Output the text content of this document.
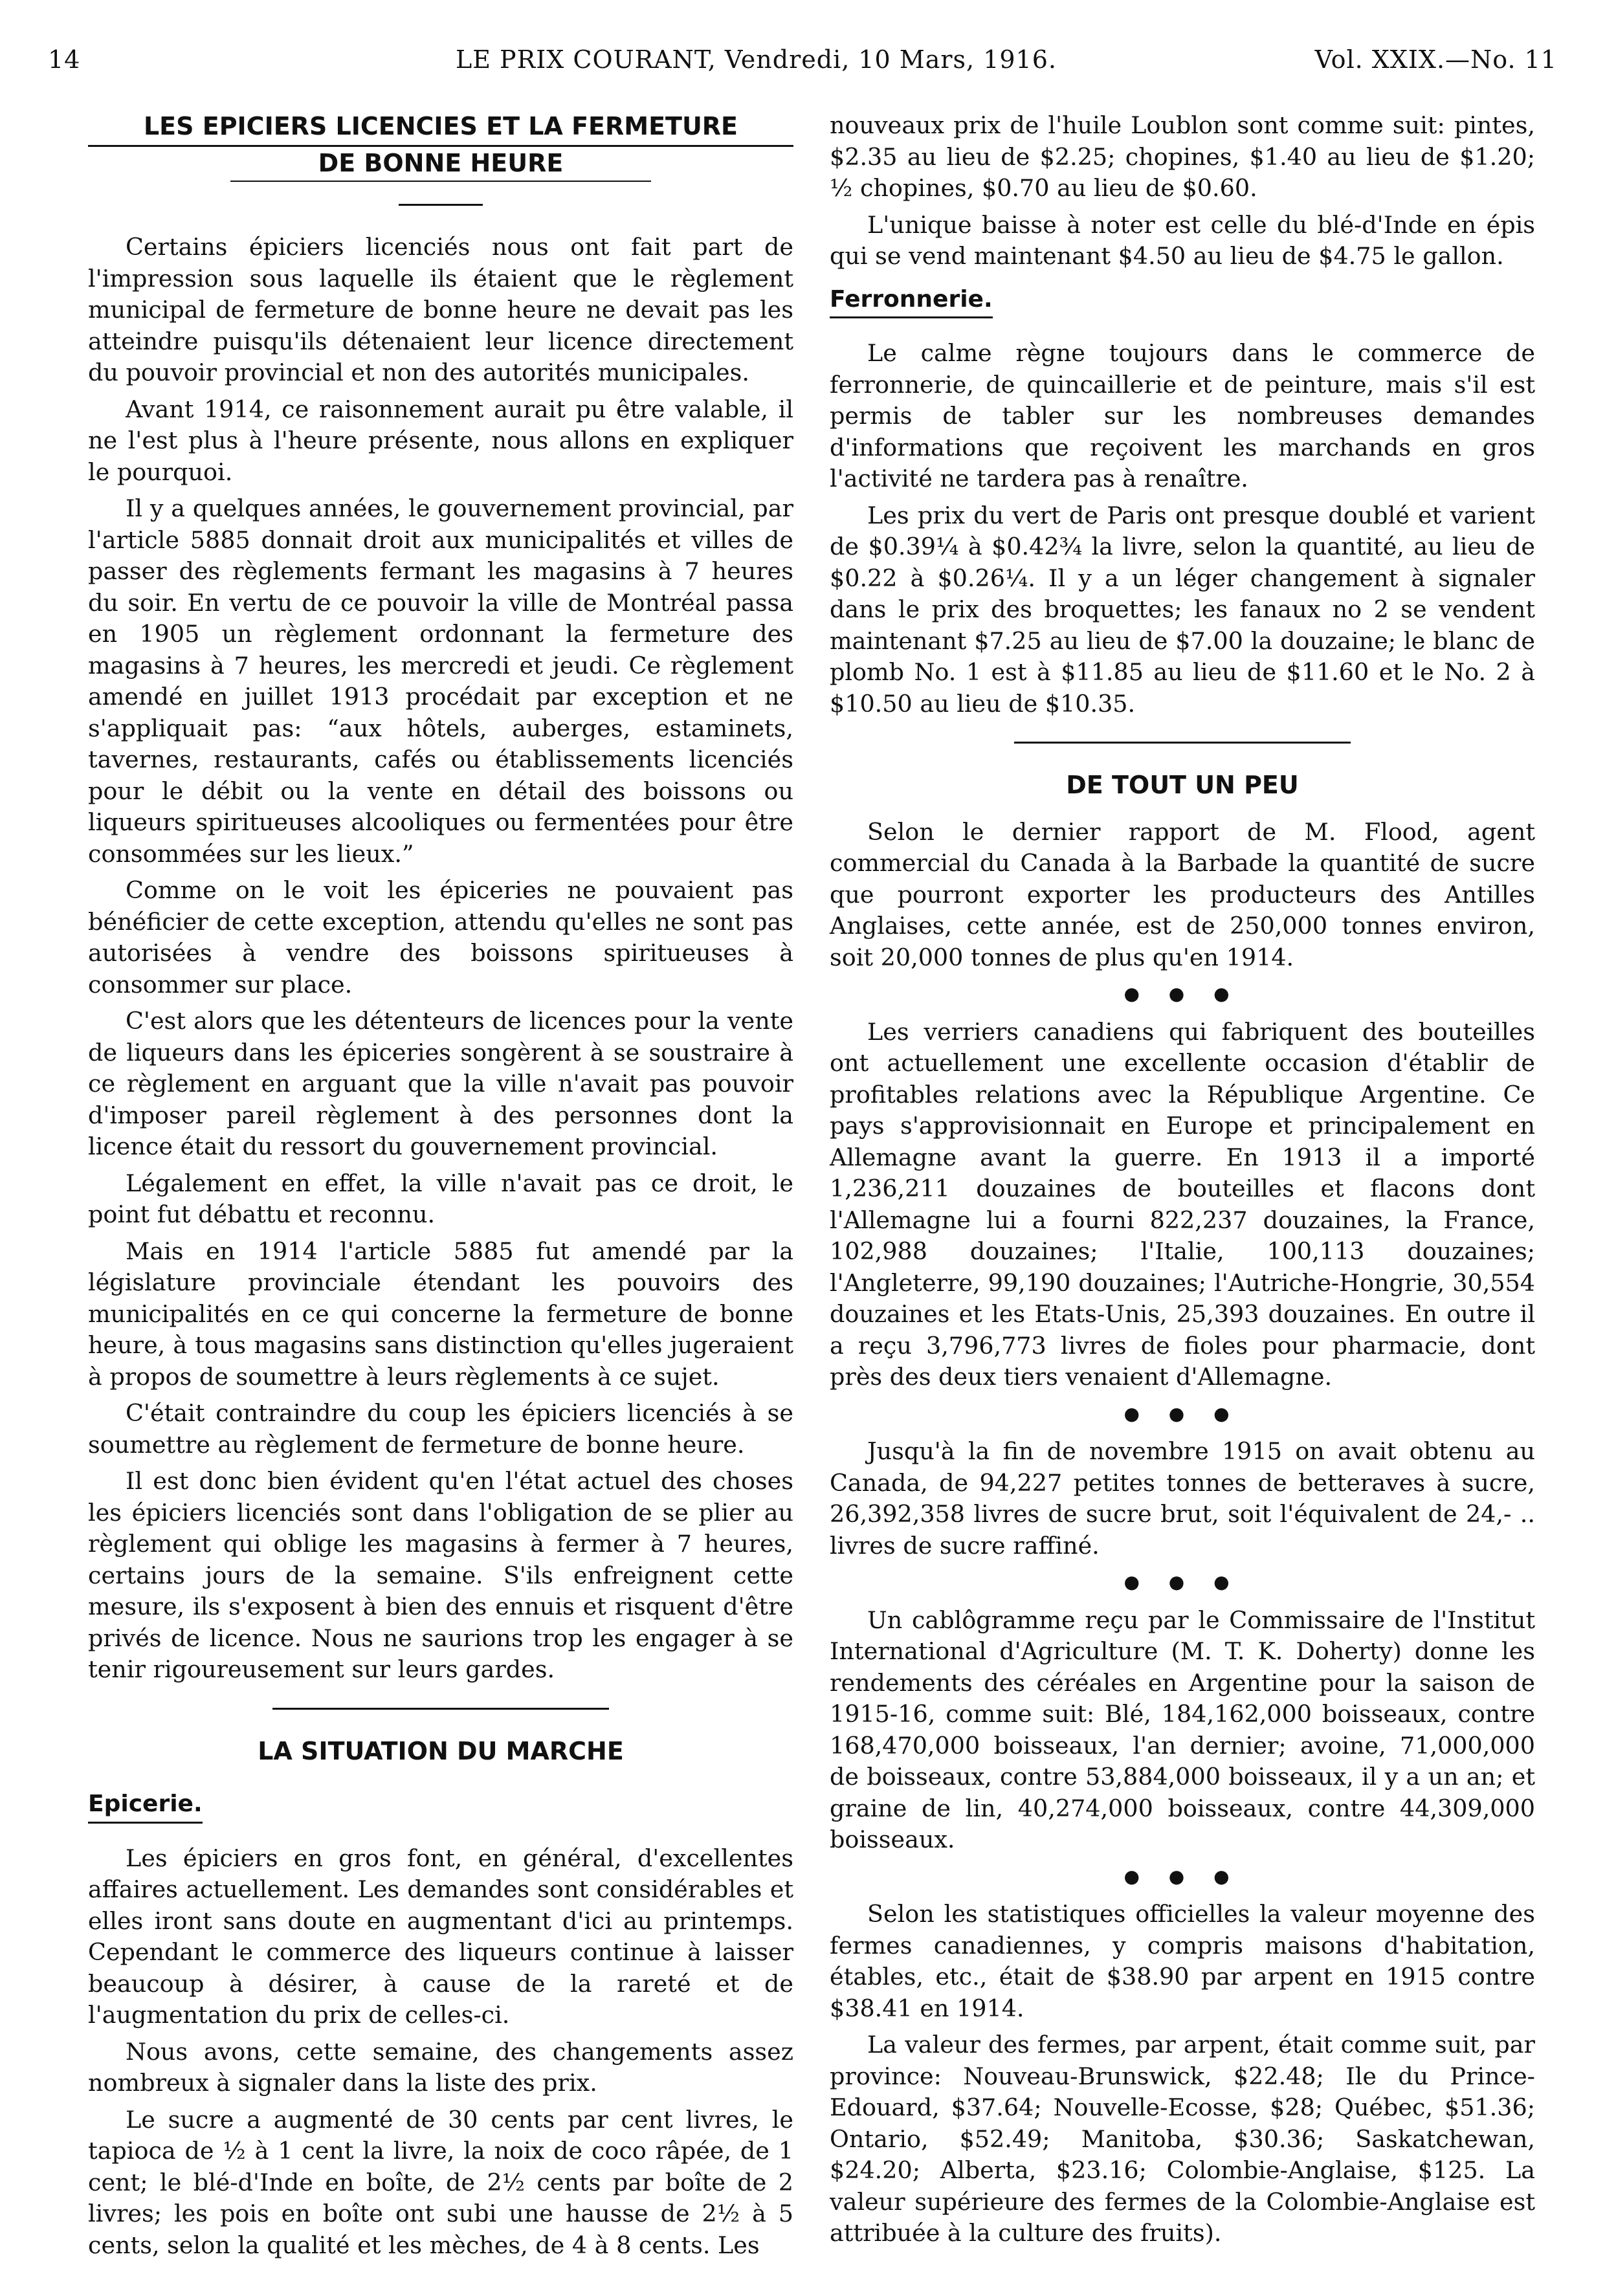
14	LE PRIX COURANT, Vendredi, 10 Mars, 1916.	Vol. XXIX.—No. 11
LES EPICIERS LICENCIES ET LA FERMETURE
DE BONNE HEURE

Certains épiciers licenciés nous ont fait part de l'impression sous laquelle ils étaient que le règlement municipal de fermeture de bonne heure ne devait pas les atteindre puisqu'ils détenaient leur licence directement du pouvoir provincial et non des autorités municipales.

Avant 1914, ce raisonnement aurait pu être valable, il ne l'est plus à l'heure présente, nous allons en expliquer le pourquoi.

Il y a quelques années, le gouvernement provincial, par l'article 5885 donnait droit aux municipalités et villes de passer des règlements fermant les magasins à 7 heures du soir. En vertu de ce pouvoir la ville de Montréal passa en 1905 un règlement ordonnant la fermeture des magasins à 7 heures, les mercredi et jeudi. Ce règlement amendé en juillet 1913 procédait par exception et ne s'appliquait pas: “aux hôtels, auberges, estaminets, tavernes, restaurants, cafés ou établissements licenciés pour le débit ou la vente en détail des boissons ou liqueurs spiritueuses alcooliques ou fermentées pour être consommées sur les lieux.”

Comme on le voit les épiceries ne pouvaient pas bénéficier de cette exception, attendu qu'elles ne sont pas autorisées à vendre des boissons spiritueuses à consommer sur place.

C'est alors que les détenteurs de licences pour la vente de liqueurs dans les épiceries songèrent à se soustraire à ce règlement en arguant que la ville n'avait pas pouvoir d'imposer pareil règlement à des personnes dont la licence était du ressort du gouvernement provincial.

Légalement en effet, la ville n'avait pas ce droit, le point fut débattu et reconnu.

Mais en 1914 l'article 5885 fut amendé par la législature provinciale étendant les pouvoirs des municipalités en ce qui concerne la fermeture de bonne heure, à tous magasins sans distinction qu'elles jugeraient à propos de soumettre à leurs règlements à ce sujet.

C'était contraindre du coup les épiciers licenciés à se soumettre au règlement de fermeture de bonne heure.

Il est donc bien évident qu'en l'état actuel des choses les épiciers licenciés sont dans l'obligation de se plier au règlement qui oblige les magasins à fermer à 7 heures, certains jours de la semaine. S'ils enfreignent cette mesure, ils s'exposent à bien des ennuis et risquent d'être privés de licence. Nous ne saurions trop les engager à se tenir rigoureusement sur leurs gardes.

LA SITUATION DU MARCHE
Epicerie.

Les épiciers en gros font, en général, d'excellentes affaires actuellement. Les demandes sont considérables et elles iront sans doute en augmentant d'ici au printemps. Cependant le commerce des liqueurs continue à laisser beaucoup à désirer, à cause de la rareté et de l'augmentation du prix de celles-ci.

Nous avons, cette semaine, des changements assez nombreux à signaler dans la liste des prix.

Le sucre a augmenté de 30 cents par cent livres, le tapioca de ½ à 1 cent la livre, la noix de coco râpée, de 1 cent; le blé-d'Inde en boîte, de 2½ cents par boîte de 2 livres; les pois en boîte ont subi une hausse de 2½ à 5 cents, selon la qualité et les mèches, de 4 à 8 cents. Les

nouveaux prix de l'huile Loublon sont comme suit: pintes, $2.35 au lieu de $2.25; chopines, $1.40 au lieu de $1.20; ½ chopines, $0.70 au lieu de $0.60.

L'unique baisse à noter est celle du blé-d'Inde en épis qui se vend maintenant $4.50 au lieu de $4.75 le gallon.

Ferronnerie.

Le calme règne toujours dans le commerce de ferronnerie, de quincaillerie et de peinture, mais s'il est permis de tabler sur les nombreuses demandes d'informations que reçoivent les marchands en gros l'activité ne tardera pas à renaître.

Les prix du vert de Paris ont presque doublé et varient de $0.39¼ à $0.42¾ la livre, selon la quantité, au lieu de $0.22 à $0.26¼. Il y a un léger changement à signaler dans le prix des broquettes; les fanaux no 2 se vendent maintenant $7.25 au lieu de $7.00 la douzaine; le blanc de plomb No. 1 est à $11.85 au lieu de $11.60 et le No. 2 à $10.50 au lieu de $10.35.

DE TOUT UN PEU

Selon le dernier rapport de M. Flood, agent commercial du Canada à la Barbade la quantité de sucre que pourront exporter les producteurs des Antilles Anglaises, cette année, est de 250,000 tonnes environ, soit 20,000 tonnes de plus qu'en 1914.

● ● ●

Les verriers canadiens qui fabriquent des bouteilles ont actuellement une excellente occasion d'établir de profitables relations avec la République Argentine. Ce pays s'approvisionnait en Europe et principalement en Allemagne avant la guerre. En 1913 il a importé 1,236,211 douzaines de bouteilles et flacons dont l'Allemagne lui a fourni 822,237 douzaines, la France, 102,988 douzaines; l'Italie, 100,113 douzaines; l'Angleterre, 99,190 douzaines; l'Autriche-Hongrie, 30,554 douzaines et les Etats-Unis, 25,393 douzaines. En outre il a reçu 3,796,773 livres de fioles pour pharmacie, dont près des deux tiers venaient d'Allemagne.

● ● ●

Jusqu'à la fin de novembre 1915 on avait obtenu au Canada, de 94,227 petites tonnes de betteraves à sucre, 26,392,358 livres de sucre brut, soit l'équivalent de 24,- .. livres de sucre raffiné.

● ● ●

Un cablôgramme reçu par le Commissaire de l'Institut International d'Agriculture (M. T. K. Doherty) donne les rendements des céréales en Argentine pour la saison de 1915-16, comme suit: Blé, 184,162,000 boisseaux, contre 168,470,000 boisseaux, l'an dernier; avoine, 71,000,000 de boisseaux, contre 53,884,000 boisseaux, il y a un an; et graine de lin, 40,274,000 boisseaux, contre 44,309,000 boisseaux.

● ● ●

Selon les statistiques officielles la valeur moyenne des fermes canadiennes, y compris maisons d'habitation, étables, etc., était de $38.90 par arpent en 1915 contre $38.41 en 1914.

La valeur des fermes, par arpent, était comme suit, par province: Nouveau-Brunswick, $22.48; Ile du Prince-Edouard, $37.64; Nouvelle-Ecosse, $28; Québec, $51.36; Ontario, $52.49; Manitoba, $30.36; Saskatchewan, $24.20; Alberta, $23.16; Colombie-Anglaise, $125. La valeur supérieure des fermes de la Colombie-Anglaise est attribuée à la culture des fruits).
